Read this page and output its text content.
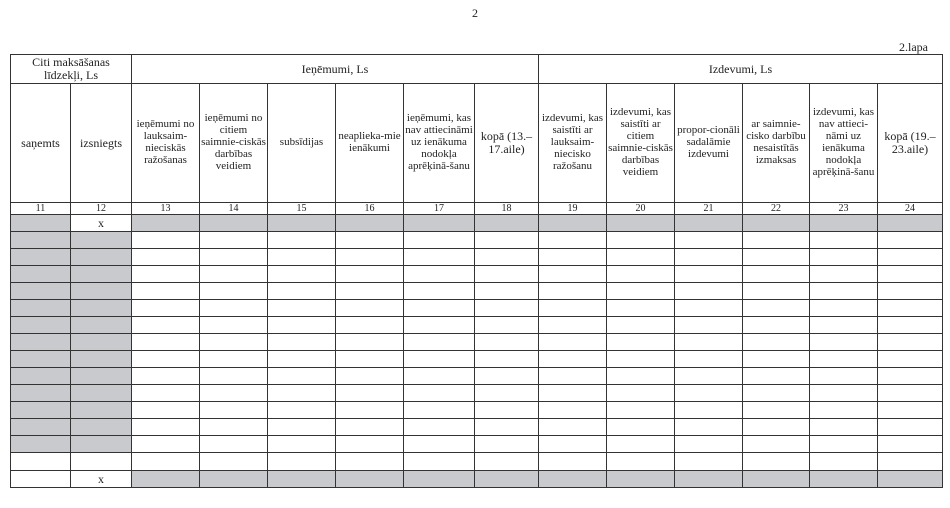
2
2.lapa
Citi maksāšanas līdzekļi, Ls		Ieņēmumi, Ls						Izdevumi, Ls					
saņemts	izsniegts	ieņēmumi no lauksaim-nieciskās ražošanas	ieņēmumi no citiem saimnie-ciskās darbības veidiem	subsīdijas	neapliekа-mie ienākumi	ieņēmumi, kas nav attiecināmi uz ienākuma nodokļa aprēķinā-šanu	kopā (13.–17.aile)	izdevumi, kas saistīti ar lauksaim-niecisko ražošanu	izdevumi, kas saistīti ar citiem saimnie-ciskās darbības veidiem	propor-cionāli sadalāmie izdevumi	ar saimnie-cisko darbību nesaistītās izmaksas	izdevumi, kas nav attieci-nāmi uz ienākuma nodokļa aprēķinā-šanu	kopā (19.–23.aile)
11	12	13	14	15	16	17	18	19	20	21	22	23	24
	x												

	x												
